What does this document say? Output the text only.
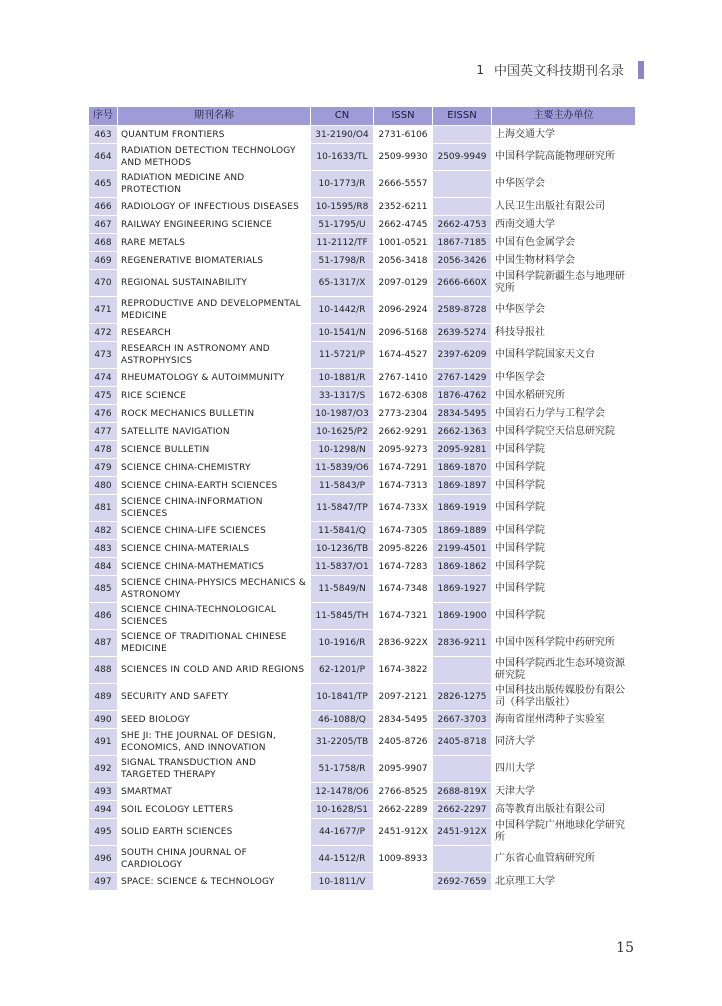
1 中国英文科技期刊名录
序号	期刊名称	CN	ISSN	EISSN	主要主办单位
463	QUANTUM FRONTIERS	31-2190/O4	2731-6106		上海交通大学
464	RADIATION DETECTION TECHNOLOGY AND METHODS	10-1633/TL	2509-9930	2509-9949	中国科学院高能物理研究所
465	RADIATION MEDICINE AND PROTECTION	10-1773/R	2666-5557		中华医学会
466	RADIOLOGY OF INFECTIOUS DISEASES	10-1595/R8	2352-6211		人民卫生出版社有限公司
467	RAILWAY ENGINEERING SCIENCE	51-1795/U	2662-4745	2662-4753	西南交通大学
468	RARE METALS	11-2112/TF	1001-0521	1867-7185	中国有色金属学会
469	REGENERATIVE BIOMATERIALS	51-1798/R	2056-3418	2056-3426	中国生物材料学会
470	REGIONAL SUSTAINABILITY	65-1317/X	2097-0129	2666-660X	中国科学院新疆生态与地理研究所
471	REPRODUCTIVE AND DEVELOPMENTAL MEDICINE	10-1442/R	2096-2924	2589-8728	中华医学会
472	RESEARCH	10-1541/N	2096-5168	2639-5274	科技导报社
473	RESEARCH IN ASTRONOMY AND ASTROPHYSICS	11-5721/P	1674-4527	2397-6209	中国科学院国家天文台
474	RHEUMATOLOGY & AUTOIMMUNITY	10-1881/R	2767-1410	2767-1429	中华医学会
475	RICE SCIENCE	33-1317/S	1672-6308	1876-4762	中国水稻研究所
476	ROCK MECHANICS BULLETIN	10-1987/O3	2773-2304	2834-5495	中国岩石力学与工程学会
477	SATELLITE NAVIGATION	10-1625/P2	2662-9291	2662-1363	中国科学院空天信息研究院
478	SCIENCE BULLETIN	10-1298/N	2095-9273	2095-9281	中国科学院
479	SCIENCE CHINA-CHEMISTRY	11-5839/O6	1674-7291	1869-1870	中国科学院
480	SCIENCE CHINA-EARTH SCIENCES	11-5843/P	1674-7313	1869-1897	中国科学院
481	SCIENCE CHINA-INFORMATION SCIENCES	11-5847/TP	1674-733X	1869-1919	中国科学院
482	SCIENCE CHINA-LIFE SCIENCES	11-5841/Q	1674-7305	1869-1889	中国科学院
483	SCIENCE CHINA-MATERIALS	10-1236/TB	2095-8226	2199-4501	中国科学院
484	SCIENCE CHINA-MATHEMATICS	11-5837/O1	1674-7283	1869-1862	中国科学院
485	SCIENCE CHINA-PHYSICS MECHANICS & ASTRONOMY	11-5849/N	1674-7348	1869-1927	中国科学院
486	SCIENCE CHINA-TECHNOLOGICAL SCIENCES	11-5845/TH	1674-7321	1869-1900	中国科学院
487	SCIENCE OF TRADITIONAL CHINESE MEDICINE	10-1916/R	2836-922X	2836-9211	中国中医科学院中药研究所
488	SCIENCES IN COLD AND ARID REGIONS	62-1201/P	1674-3822		中国科学院西北生态环境资源研究院
489	SECURITY AND SAFETY	10-1841/TP	2097-2121	2826-1275	中国科技出版传媒股份有限公司（科学出版社）
490	SEED BIOLOGY	46-1088/Q	2834-5495	2667-3703	海南省崖州湾种子实验室
491	SHE JI: THE JOURNAL OF DESIGN, ECONOMICS, AND INNOVATION	31-2205/TB	2405-8726	2405-8718	同济大学
492	SIGNAL TRANSDUCTION AND TARGETED THERAPY	51-1758/R	2095-9907		四川大学
493	SMARTMAT	12-1478/O6	2766-8525	2688-819X	天津大学
494	SOIL ECOLOGY LETTERS	10-1628/S1	2662-2289	2662-2297	高等教育出版社有限公司
495	SOLID EARTH SCIENCES	44-1677/P	2451-912X	2451-912X	中国科学院广州地球化学研究所
496	SOUTH CHINA JOURNAL OF CARDIOLOGY	44-1512/R	1009-8933		广东省心血管病研究所
497	SPACE: SCIENCE & TECHNOLOGY	10-1811/V		2692-7659	北京理工大学
15
